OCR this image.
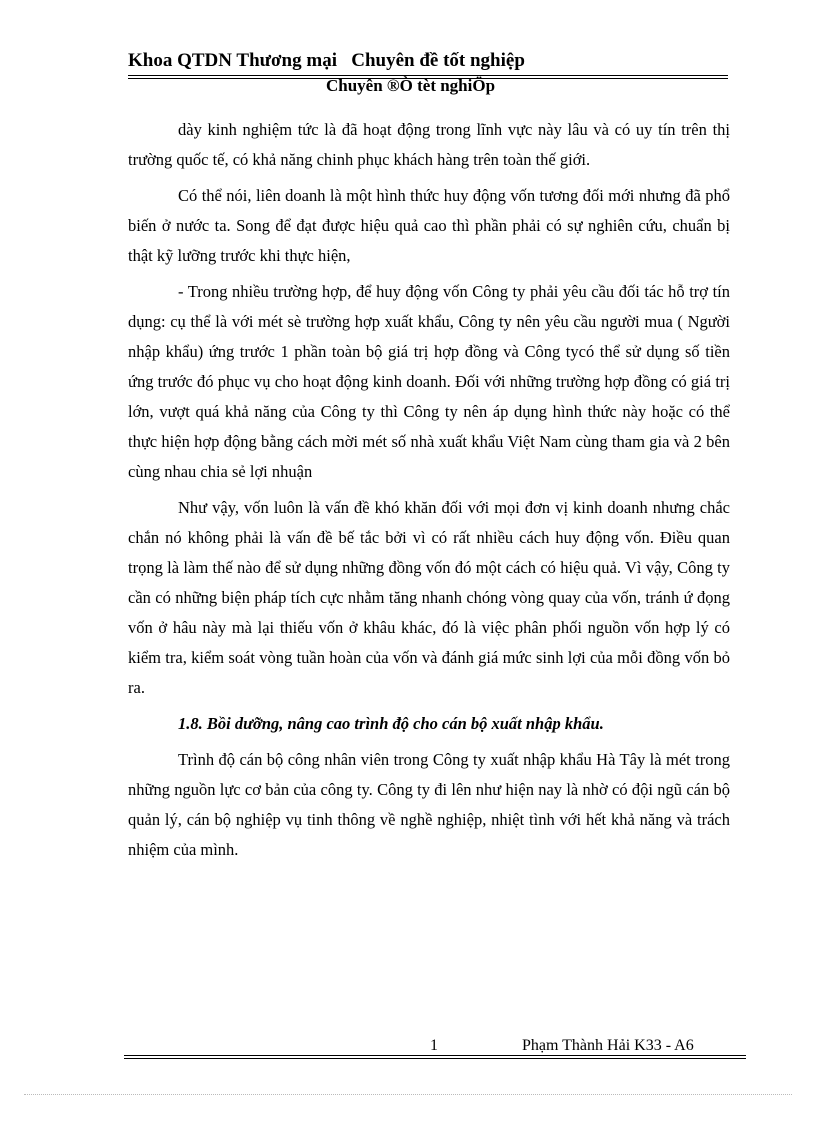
Khoa QTDN Thương mại   Chuyên đề tốt nghiệp
Chuyên ®Ò tèt nghiÖp

dày kinh nghiệm tức là đã hoạt động trong lĩnh vực này lâu và có uy tín trên thị trường quốc tế, có khả năng chinh phục khách hàng trên toàn thế giới.

Có thể nói, liên doanh là một hình thức huy động vốn tương đối mới nhưng đã phổ biến ở nước ta. Song để đạt được hiệu quả cao thì phần phải có sự nghiên cứu, chuẩn bị thật kỹ lưỡng trước khi thực hiện,

- Trong nhiều trường hợp, để huy động vốn Công ty phải yêu cầu đối tác hỗ trợ tín dụng: cụ thể là với mét sè trường hợp xuất khẩu, Công ty nên yêu cầu người mua ( Người nhập khẩu) ứng trước 1 phần toàn bộ giá trị hợp đồng và Công tycó thể sử dụng số tiền ứng trước đó phục vụ cho hoạt động kinh doanh. Đối với những trường hợp đồng có giá trị lớn, vượt quá khả năng của Công ty thì Công ty nên áp dụng hình thức này hoặc có thể thực hiện hợp động bằng cách mời mét số nhà xuất khẩu Việt Nam cùng tham gia và 2 bên cùng nhau chia sẻ lợi nhuận

Như vậy, vốn luôn là vấn đề khó khăn đối với mọi đơn vị kinh doanh nhưng chắc chắn nó không phải là vấn đề bế tắc bởi vì có rất nhiều cách huy động vốn. Điều quan trọng là làm thế nào để sử dụng những đồng vốn đó một cách có hiệu quả. Vì vậy, Công ty cần có những biện pháp tích cực nhằm tăng nhanh chóng vòng quay của vốn, tránh ứ đọng vốn ở hâu này mà lại thiếu vốn ở khâu khác, đó là việc phân phối nguồn vốn hợp lý có kiểm tra, kiểm soát vòng tuần hoàn của vốn và đánh giá mức sinh lợi của mỗi đồng vốn bỏ ra.

1.8. Bồi dưỡng, nâng cao trình độ cho cán bộ xuất nhập khẩu.

Trình độ cán bộ công nhân viên trong Công ty xuất nhập khẩu Hà Tây là mét trong những nguồn lực cơ bản của công ty. Công ty đi lên như hiện nay là nhờ có đội ngũ cán bộ quản lý, cán bộ nghiệp vụ tinh thông về nghề nghiệp, nhiệt tình với hết khả năng và trách nhiệm của mình.

1	Phạm Thành Hải K33 - A6
